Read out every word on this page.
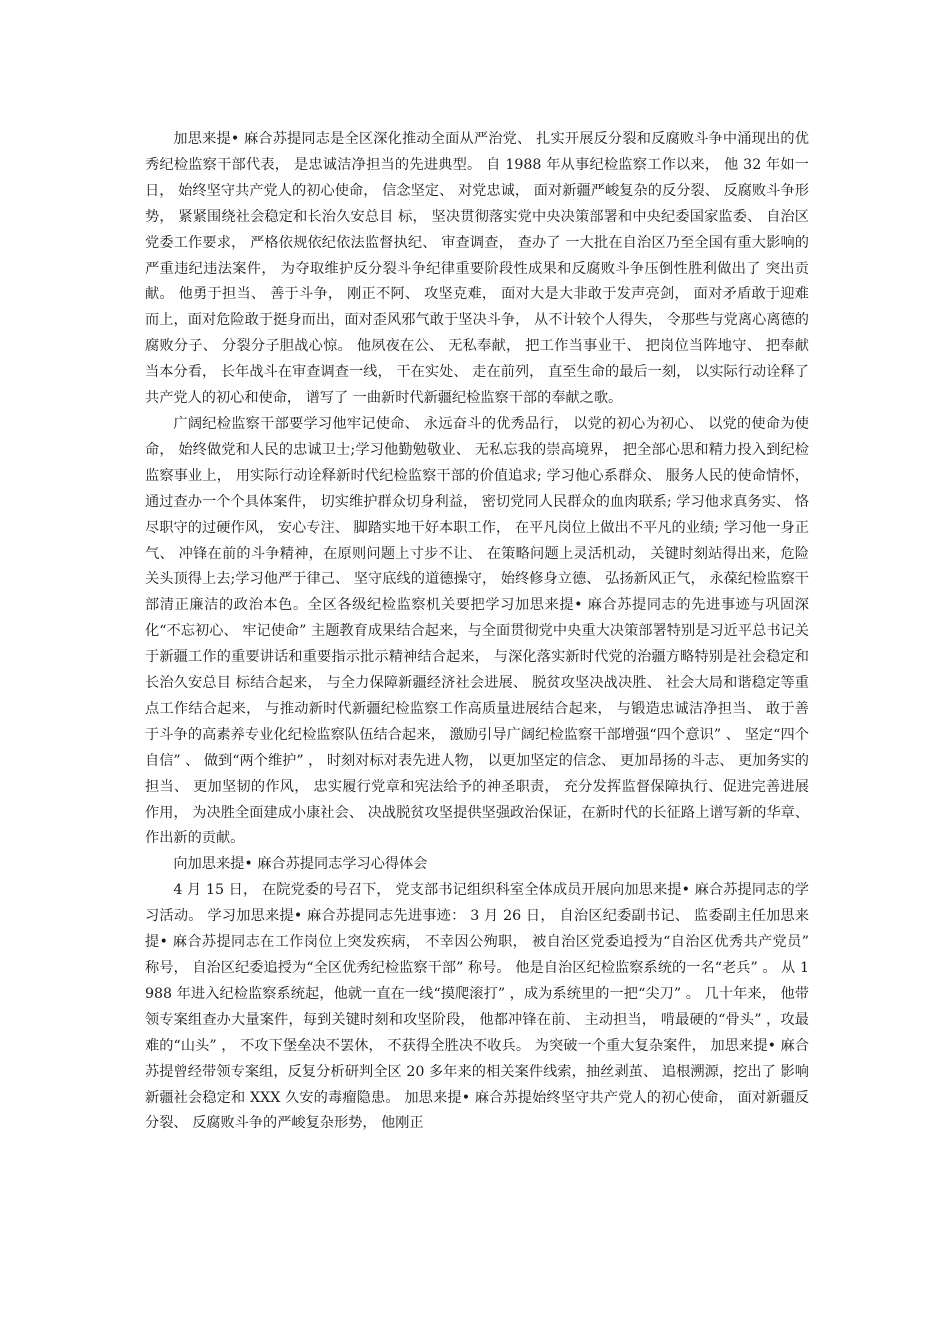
加思来提• 麻合苏提同志是全区深化推动全面从严治党、 扎实开展反分裂和反腐败斗争中涌现出的优秀纪检监察干部代表， 是忠诚洁净担当的先进典型。 自 1988 年从事纪检监察工作以来， 他 32 年如一日， 始终坚守共产党人的初心使命， 信念坚定、 对党忠诚， 面对新疆严峻复杂的反分裂、 反腐败斗争形势， 紧紧围绕社会稳定和长治久安总目 标， 坚决贯彻落实党中央决策部署和中央纪委国家监委、 自治区党委工作要求， 严格依规依纪依法监督执纪、 审查调查， 查办了 一大批在自治区乃至全国有重大影响的严重违纪违法案件， 为夺取维护反分裂斗争纪律重要阶段性成果和反腐败斗争压倒性胜利做出了 突出贡献。 他勇于担当、 善于斗争， 刚正不阿、 攻坚克难， 面对大是大非敢于发声亮剑， 面对矛盾敢于迎难而上，面对危险敢于挺身而出，面对歪风邪气敢于坚决斗争， 从不计较个人得失， 令那些与党离心离德的腐败分子、 分裂分子胆战心惊。 他夙夜在公、 无私奉献， 把工作当事业干、 把岗位当阵地守、 把奉献当本分看， 长年战斗在审查调查一线， 干在实处、 走在前列， 直至生命的最后一刻， 以实际行动诠释了 共产党人的初心和使命， 谱写了 一曲新时代新疆纪检监察干部的奉献之歌。

广阔纪检监察干部要学习他牢记使命、 永远奋斗的优秀品行， 以党的初心为初心、 以党的使命为使命， 始终做党和人民的忠诚卫士;学习他勤勉敬业、 无私忘我的崇高境界， 把全部心思和精力投入到纪检监察事业上， 用实际行动诠释新时代纪检监察干部的价值追求; 学习他心系群众、 服务人民的使命情怀， 通过查办一个个具体案件， 切实维护群众切身利益， 密切党同人民群众的血肉联系; 学习他求真务实、 恪尽职守的过硬作风， 安心专注、 脚踏实地干好本职工作， 在平凡岗位上做出不平凡的业绩; 学习他一身正气、 冲锋在前的斗争精神，在原则问题上寸步不让、 在策略问题上灵活机动， 关键时刻站得出来，危险关头顶得上去;学习他严于律己、 坚守底线的道德操守， 始终修身立德、 弘扬新风正气， 永葆纪检监察干部清正廉洁的政治本色。全区各级纪检监察机关要把学习加思来提• 麻合苏提同志的先进事迹与巩固深化“不忘初心、 牢记使命” 主题教育成果结合起来，与全面贯彻党中央重大决策部署特别是习近平总书记关于新疆工作的重要讲话和重要指示批示精神结合起来， 与深化落实新时代党的治疆方略特别是社会稳定和长治久安总目 标结合起来， 与全力保障新疆经济社会进展、 脱贫攻坚决战决胜、 社会大局和谐稳定等重点工作结合起来， 与推动新时代新疆纪检监察工作高质量进展结合起来， 与锻造忠诚洁净担当、 敢于善于斗争的高素养专业化纪检监察队伍结合起来， 激励引导广阔纪检监察干部增强“四个意识” 、 坚定“四个自信” 、 做到“两个维护” ， 时刻对标对表先进人物， 以更加坚定的信念、 更加昂扬的斗志、 更加务实的担当、 更加坚韧的作风， 忠实履行党章和宪法给予的神圣职责， 充分发挥监督保障执行、促进完善进展作用， 为决胜全面建成小康社会、 决战脱贫攻坚提供坚强政治保证，在新时代的长征路上谱写新的华章、 作出新的贡献。

向加思来提• 麻合苏提同志学习心得体会

4 月 15 日， 在院党委的号召下， 党支部书记组织科室全体成员开展向加思来提• 麻合苏提同志的学习活动。 学习加思来提• 麻合苏提同志先进事迹： 3 月 26 日， 自治区纪委副书记、 监委副主任加思来提• 麻合苏提同志在工作岗位上突发疾病， 不幸因公殉职， 被自治区党委追授为“自治区优秀共产党员” 称号， 自治区纪委追授为“全区优秀纪检监察干部” 称号。 他是自治区纪检监察系统的一名“老兵” 。 从 1988 年进入纪检监察系统起，他就一直在一线“摸爬滚打” ，成为系统里的一把“尖刀” 。 几十年来， 他带领专案组查办大量案件，每到关键时刻和攻坚阶段， 他都冲锋在前、 主动担当， 啃最硬的“骨头” ，攻最难的“山头” ， 不攻下堡垒决不罢休， 不获得全胜决不收兵。 为突破一个重大复杂案件， 加思来提• 麻合苏提曾经带领专案组，反复分析研判全区 20 多年来的相关案件线索，抽丝剥茧、 追根溯源，挖出了 影响新疆社会稳定和 XXX 久安的毒瘤隐患。 加思来提• 麻合苏提始终坚守共产党人的初心使命， 面对新疆反分裂、 反腐败斗争的严峻复杂形势， 他刚正
